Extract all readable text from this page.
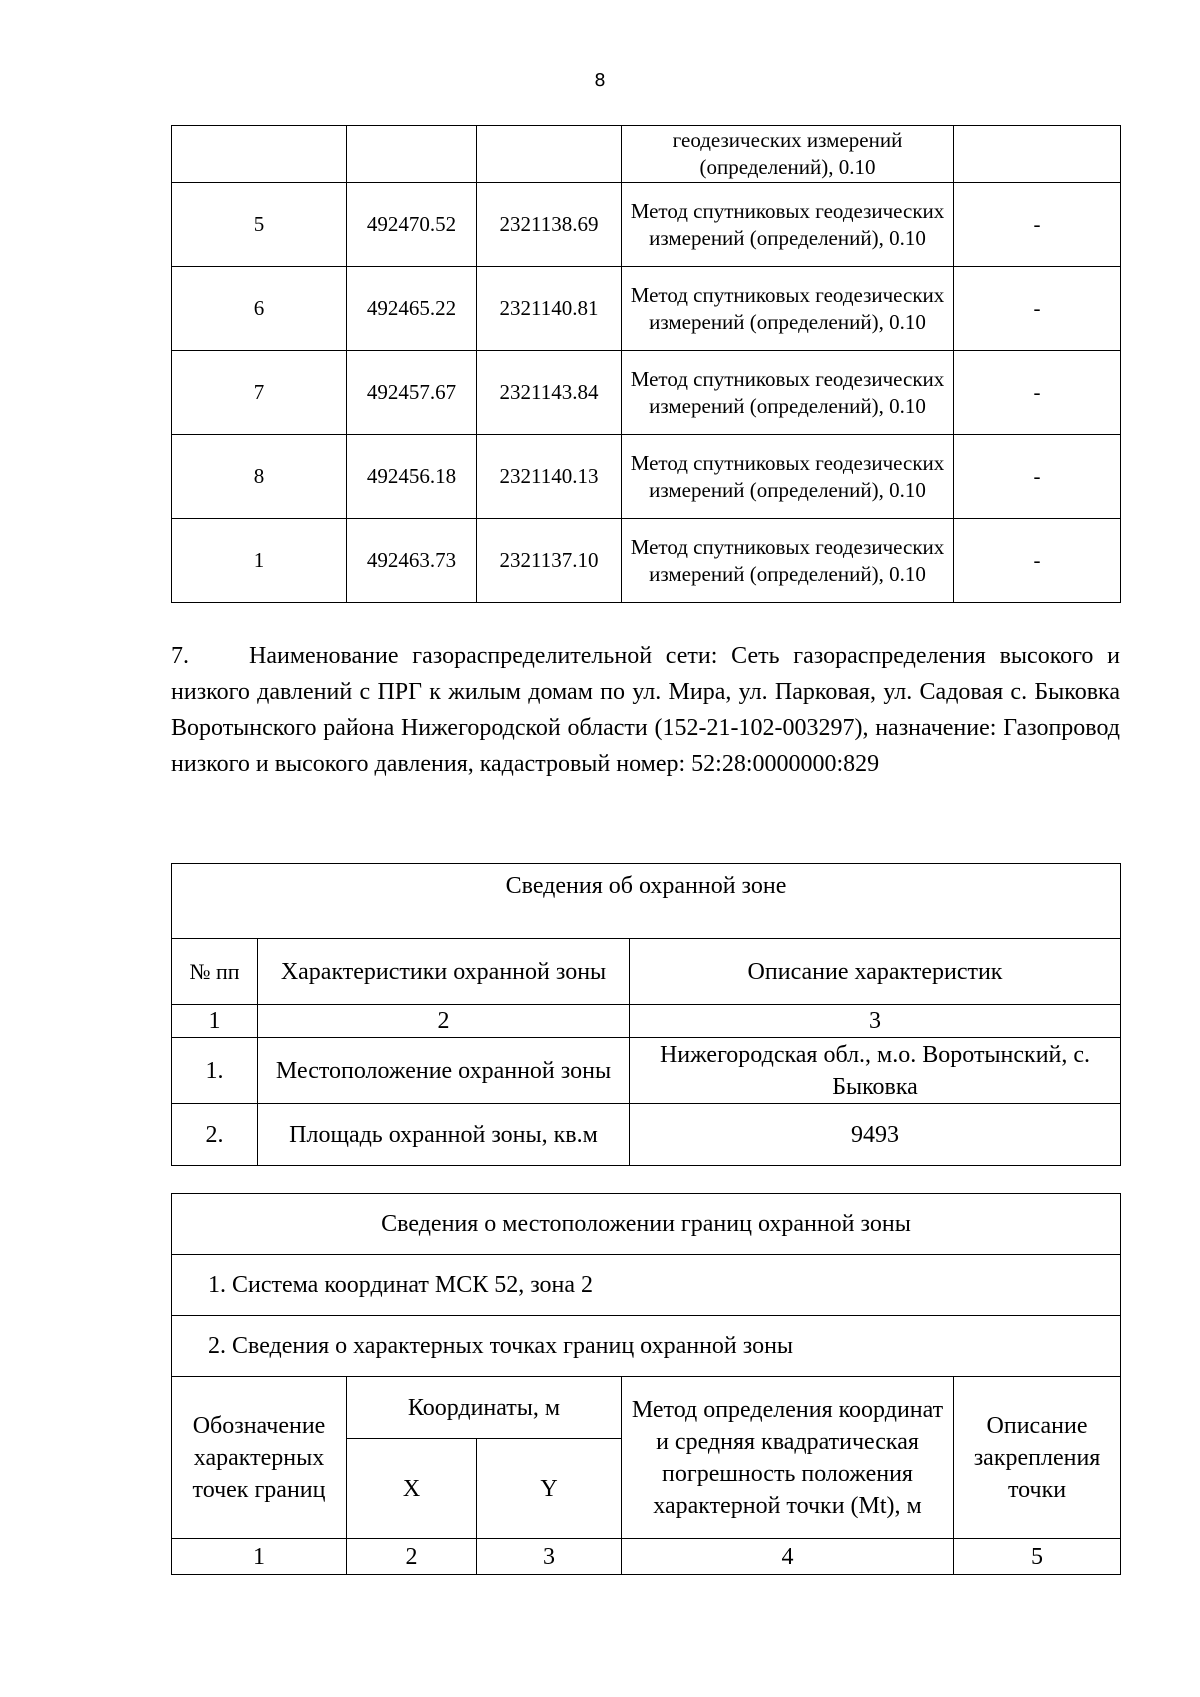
8
			геодезических измерений (определений), 0.10	
5	492470.52	2321138.69	Метод спутниковых геодезических измерений (определений), 0.10	-
6	492465.22	2321140.81	Метод спутниковых геодезических измерений (определений), 0.10	-
7	492457.67	2321143.84	Метод спутниковых геодезических измерений (определений), 0.10	-
8	492456.18	2321140.13	Метод спутниковых геодезических измерений (определений), 0.10	-
1	492463.73	2321137.10	Метод спутниковых геодезических измерений (определений), 0.10	-
7.	Наименование газораспределительной сети: Сеть газораспределения высокого и низкого давлений с ПРГ к жилым домам по ул. Мира, ул. Парковая, ул. Садовая с. Быковка Воротынского района Нижегородской области (152-21-102-003297), назначение: Газопровод низкого и высокого давления, кадастровый номер: 52:28:0000000:829
Сведения об охранной зоне		
№ пп	Характеристики охранной зоны	Описание характеристик
1	2	3
1.	Местоположение охранной зоны	Нижегородская обл., м.о. Воротынский, с. Быковка
2.	Площадь охранной зоны, кв.м	9493
Сведения о местоположении границ охранной зоны				
1. Система координат МСК 52, зона 2				
2. Сведения о характерных точках границ охранной зоны				
Обозначение характерных точек границ	Координаты, м		Метод определения координат и средняя квадратическая погрешность положения характерной точки (Mt), м	Описание закрепления точки
	X	Y		
1	2	3	4	5
